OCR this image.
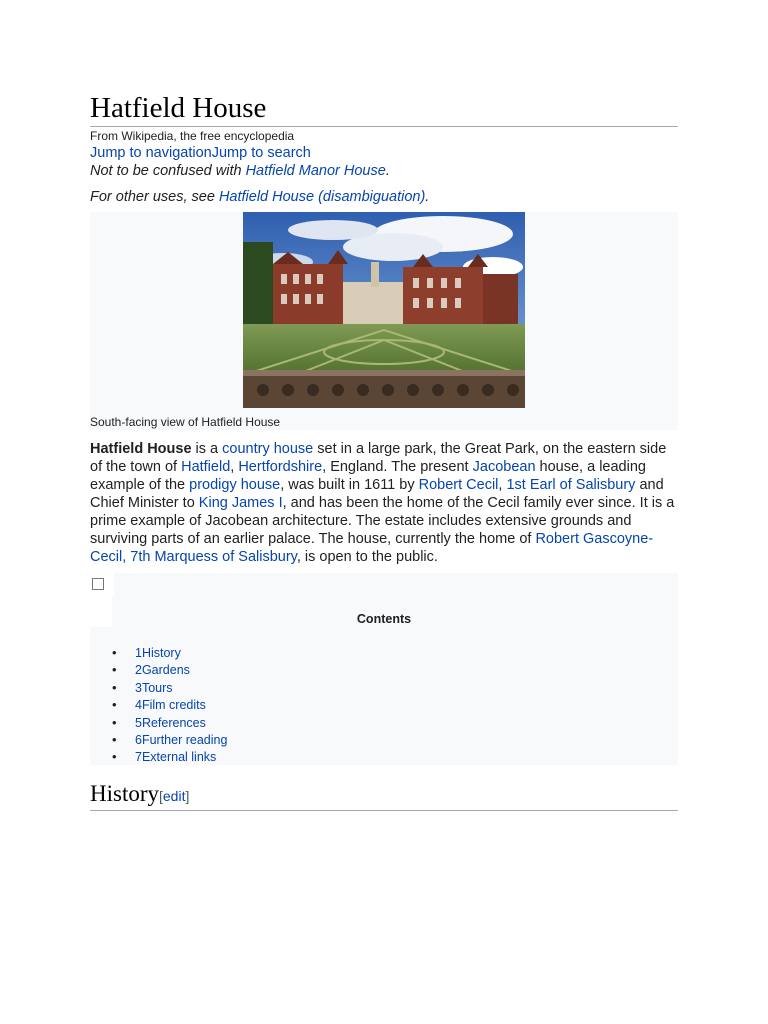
Hatfield House
From Wikipedia, the free encyclopedia
Jump to navigationJump to search
Not to be confused with Hatfield Manor House.
For other uses, see Hatfield House (disambiguation).
South-facing view of Hatfield House

Hatfield House is a country house set in a large park, the Great Park, on the eastern side of the town of Hatfield, Hertfordshire, England. The present Jacobean house, a leading example of the prodigy house, was built in 1611 by Robert Cecil, 1st Earl of Salisbury and Chief Minister to King James I, and has been the home of the Cecil family ever since. It is a prime example of Jacobean architecture. The estate includes extensive grounds and surviving parts of an earlier palace. The house, currently the home of Robert Gascoyne-Cecil, 7th Marquess of Salisbury, is open to the public.

Contents
• 1History
• 2Gardens
• 3Tours
• 4Film credits
• 5References
• 6Further reading
• 7External links
History[edit]
